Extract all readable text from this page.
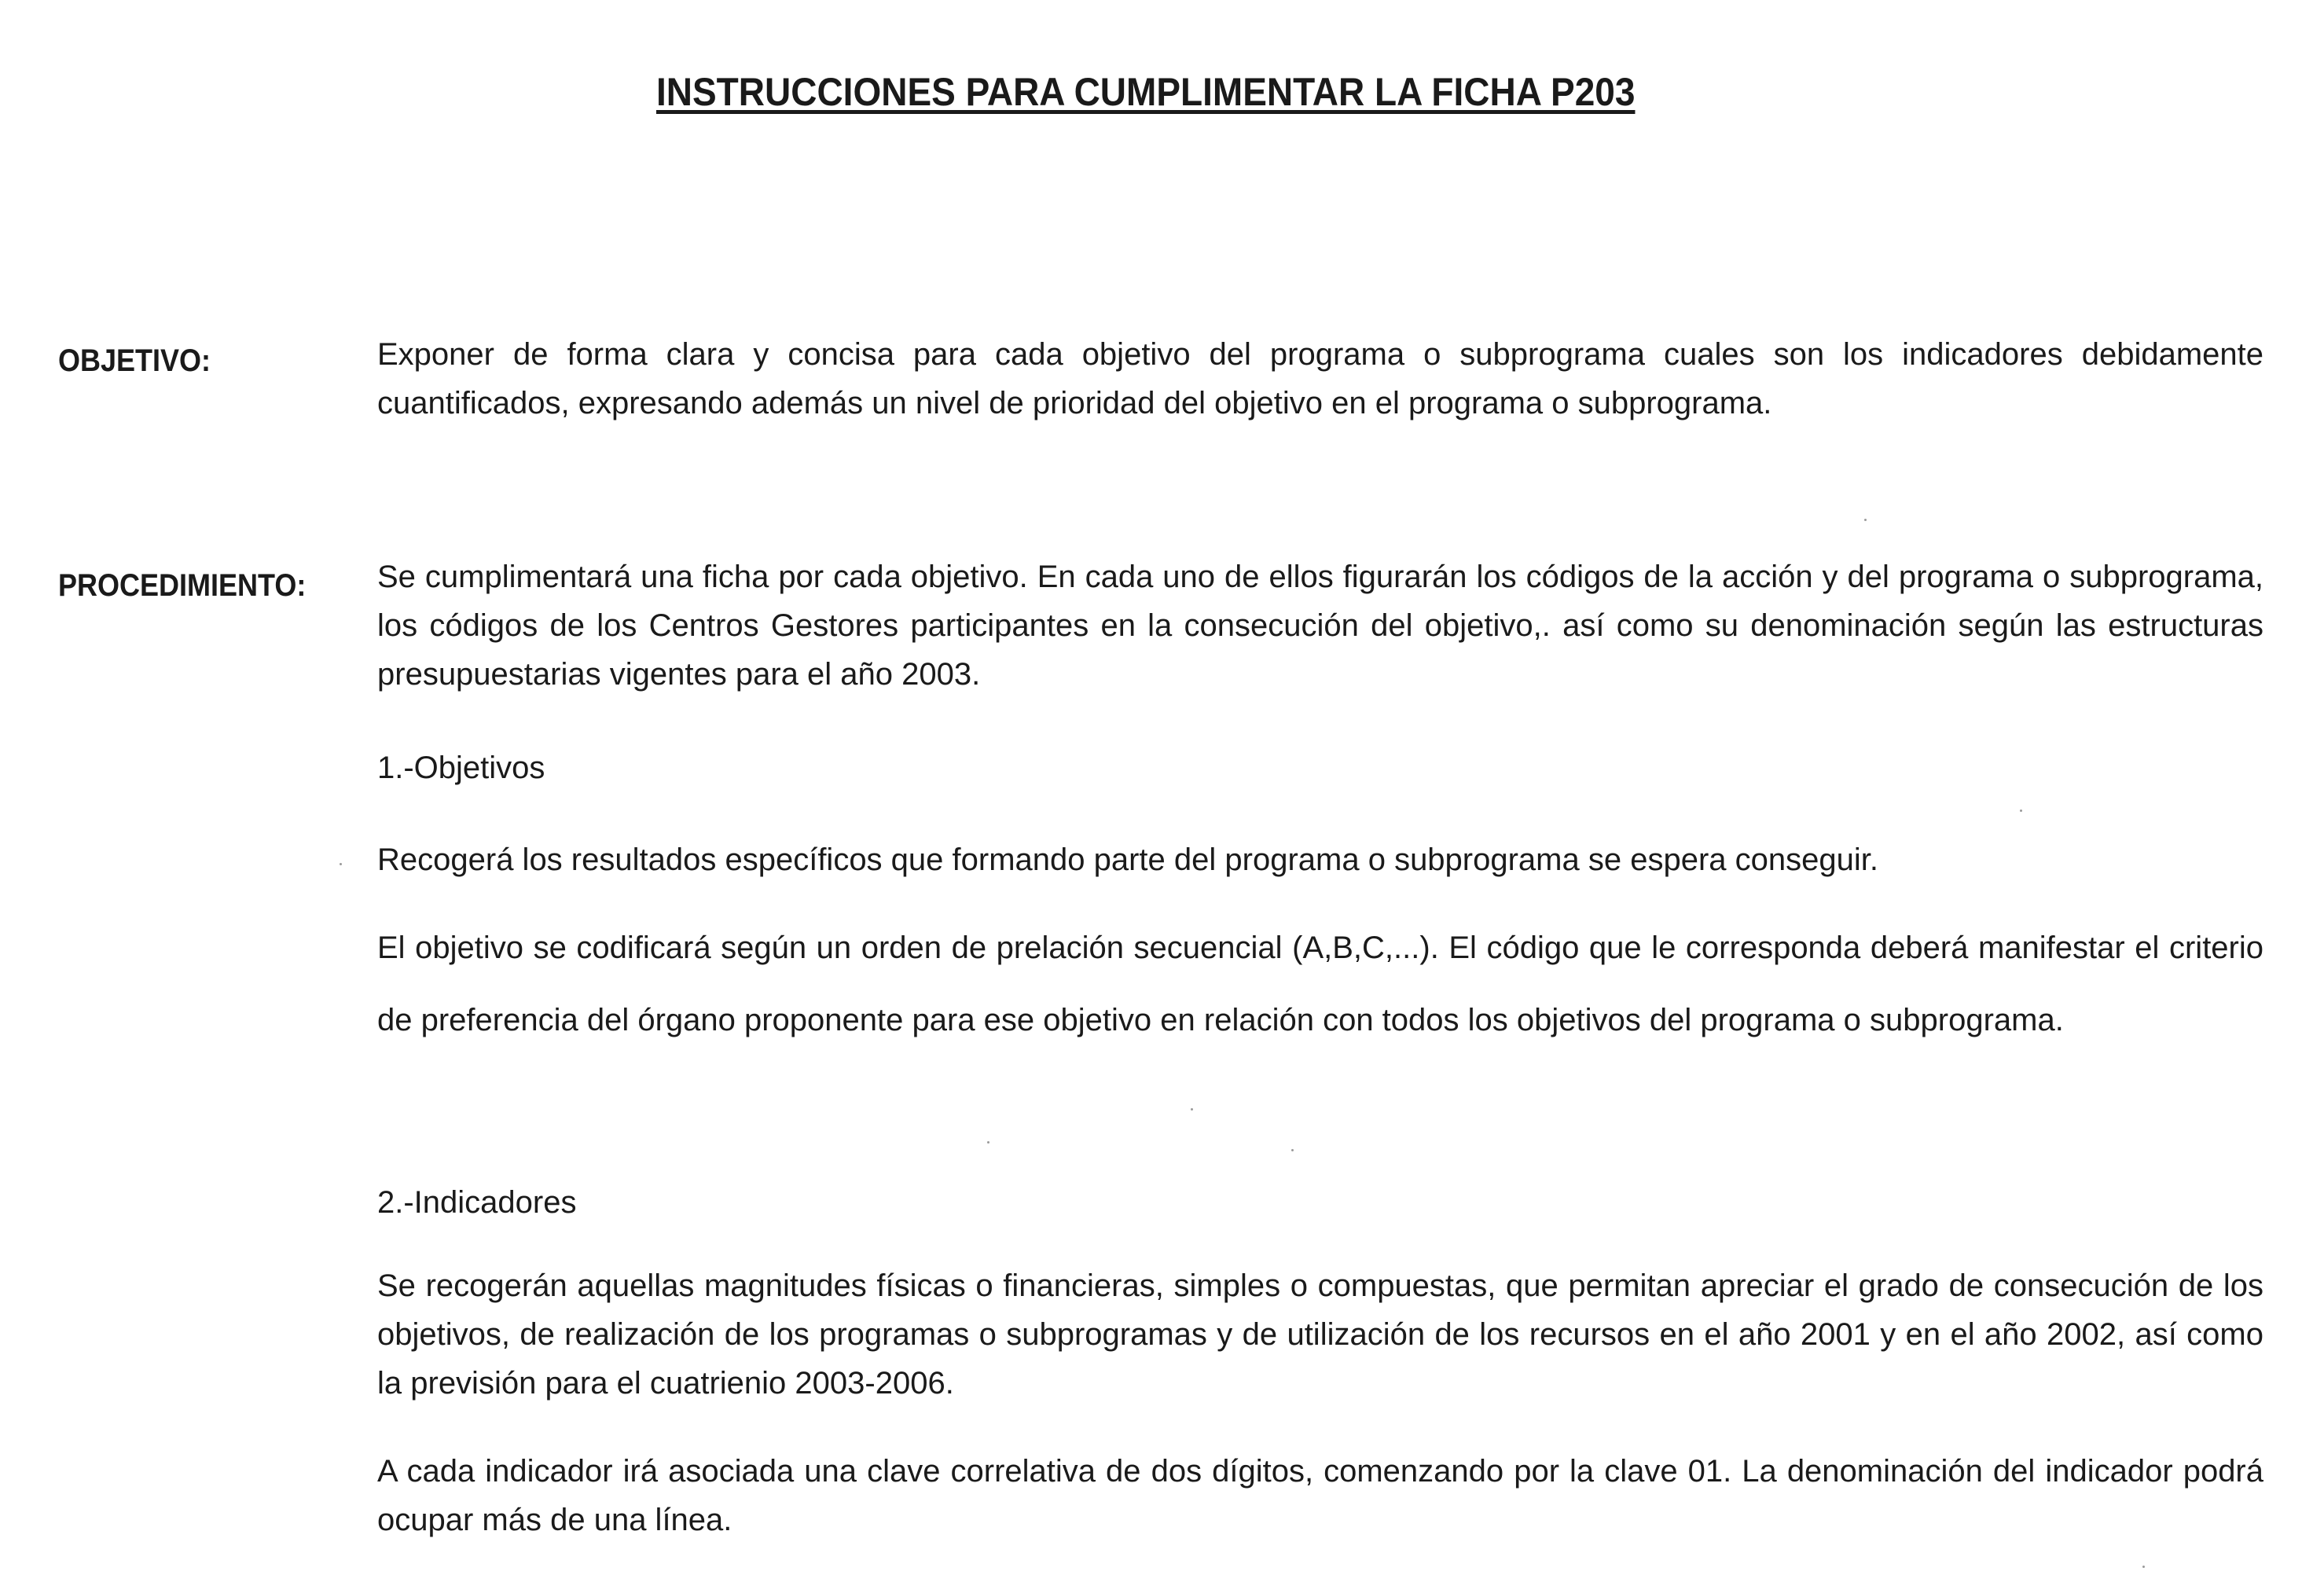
INSTRUCCIONES PARA CUMPLIMENTAR LA FICHA P203
OBJETIVO:	Exponer de forma clara y concisa para cada objetivo del programa o subprograma cuales son los indicadores debidamente cuantificados, expresando además un nivel de prioridad del objetivo en el programa o subprograma.
PROCEDIMIENTO: Se cumplimentará una ficha por cada objetivo. En cada uno de ellos figurarán los códigos de la acción y del programa o subprograma, los códigos de los Centros Gestores participantes en la consecución del objetivo,. así como su denominación según las estructuras presupuestarias vigentes para el año 2003.
1.-Objetivos
Recogerá los resultados específicos que formando parte del programa o subprograma se espera conseguir.
El objetivo se codificará según un orden de prelación secuencial (A,B,C,...). El código que le corresponda deberá manifestar el criterio de preferencia del órgano proponente para ese objetivo en relación con todos los objetivos del programa o subprograma.
2.-Indicadores
Se recogerán aquellas magnitudes físicas o financieras, simples o compuestas, que permitan apreciar el grado de consecución de los objetivos, de realización de los programas o subprogramas y de utilización de los recursos en el año 2001 y en el año 2002, así como la previsión para el cuatrienio 2003-2006.
A cada indicador irá asociada una clave correlativa de dos dígitos, comenzando por la clave 01. La denominación del indicador podrá ocupar más de una línea.
